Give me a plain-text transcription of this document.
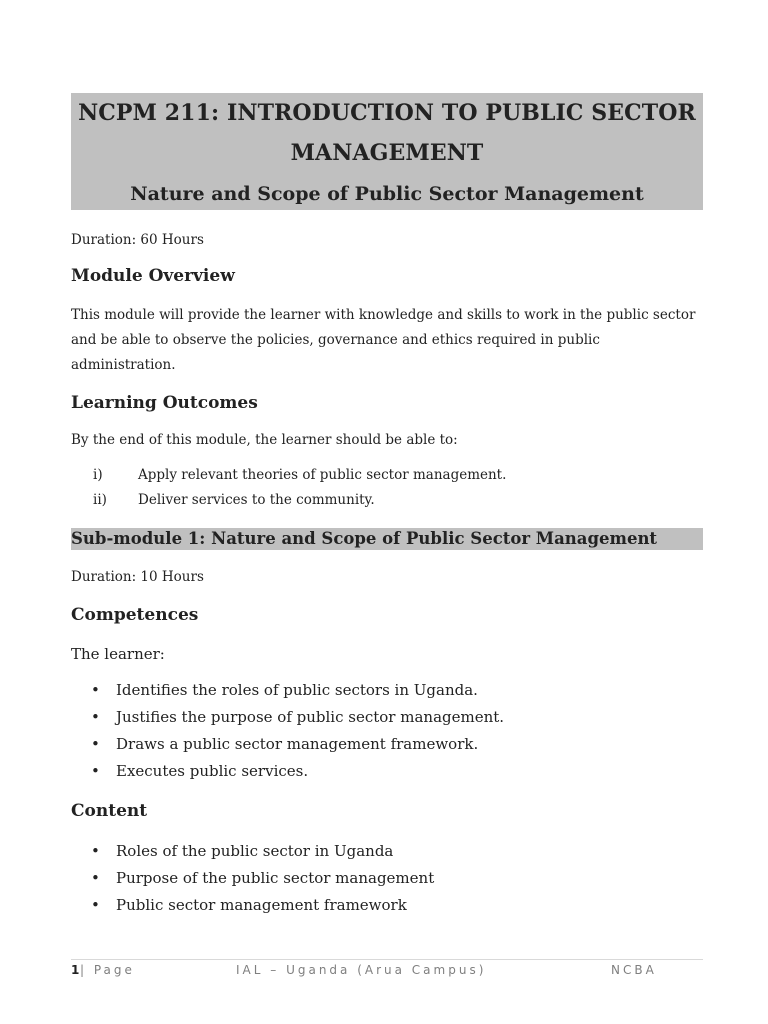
NCPM 211: INTRODUCTION TO PUBLIC SECTOR MANAGEMENT

Nature and Scope of Public Sector Management

Duration: 60 Hours

Module Overview

This module will provide the learner with knowledge and skills to work in the public sector and be able to observe the policies, governance and ethics required in public administration.

Learning Outcomes

By the end of this module, the learner should be able to:

i)	Apply relevant theories of public sector management.
ii)	Deliver services to the community.

Sub-module 1: Nature and Scope of Public Sector Management

Duration: 10 Hours

Competences

The learner:

•	Identifies the roles of public sectors in Uganda.
•	Justifies the purpose of public sector management.
•	Draws a public sector management framework.
•	Executes public services.
Content
•	Roles of the public sector in Uganda
•	Purpose of the public sector management
•	Public sector management framework
1 | Page	IAL – Uganda (Arua Campus)	NCBA
